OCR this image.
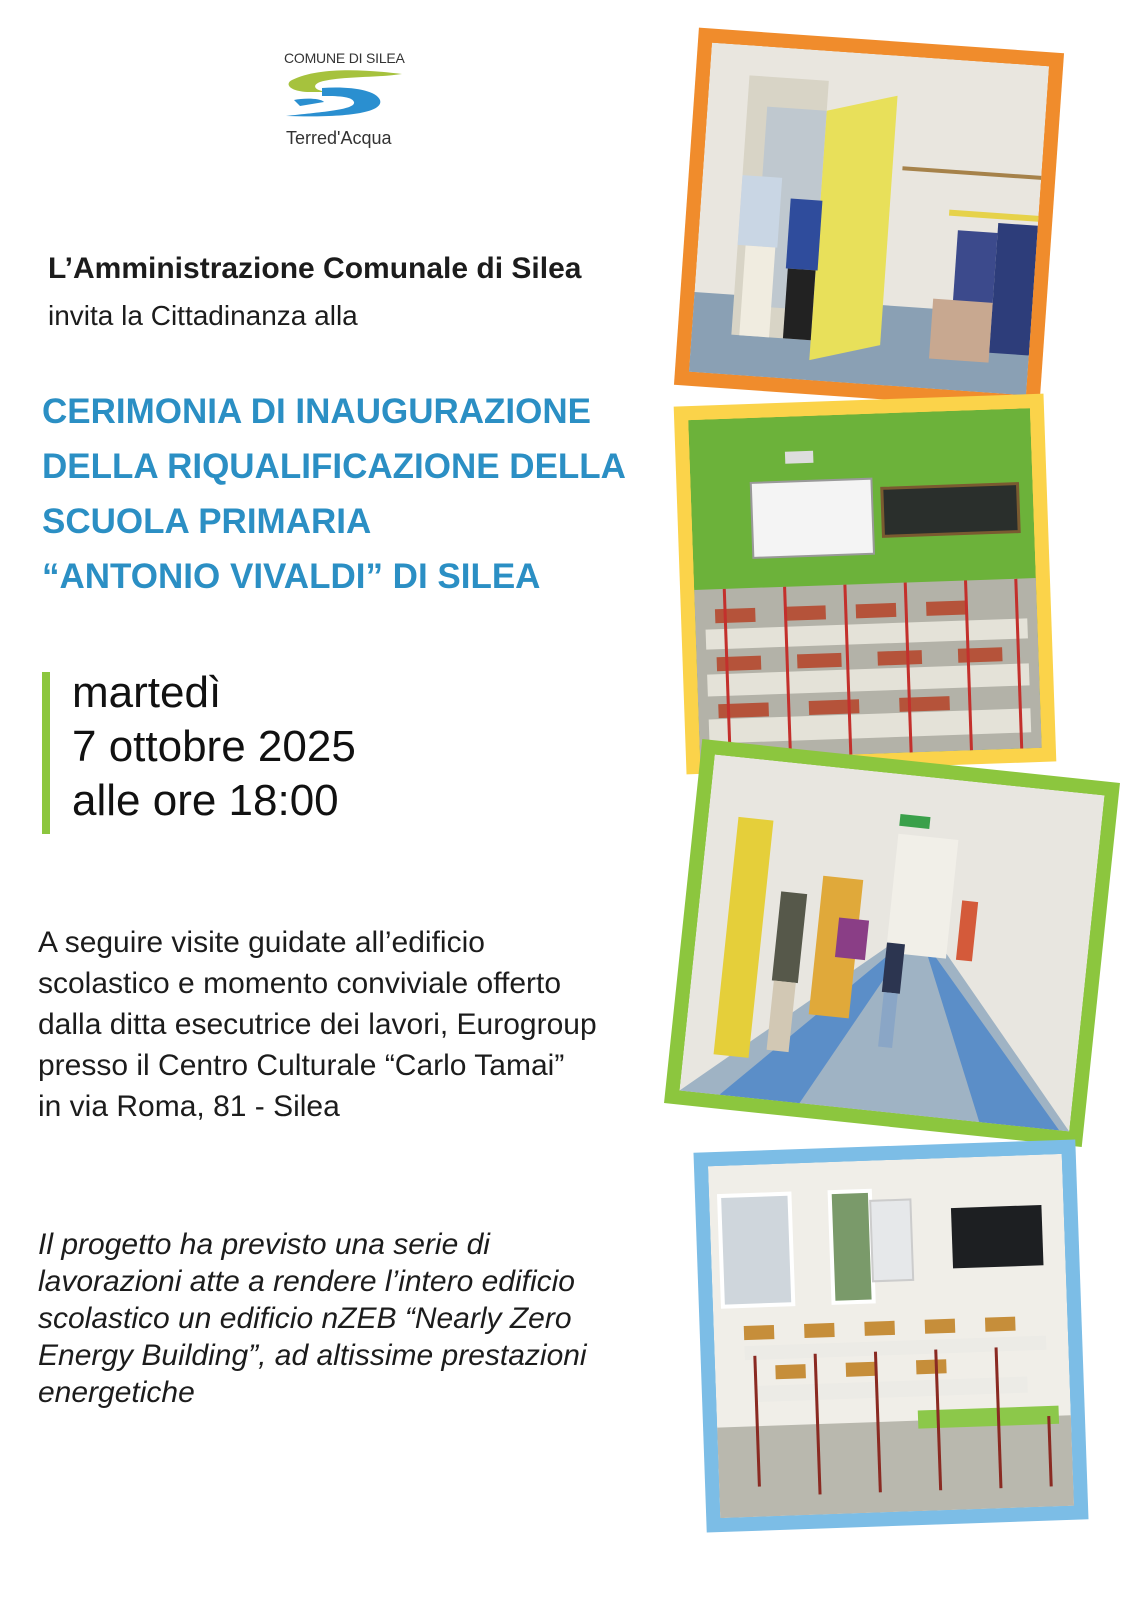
COMUNE DI SILEA
Terred'Acqua
L’Amministrazione Comunale di Silea
invita la Cittadinanza alla
CERIMONIA DI INAUGURAZIONE
DELLA RIQUALIFICAZIONE DELLA
SCUOLA PRIMARIA
“ANTONIO VIVALDI” DI SILEA
martedì
7 ottobre 2025
alle ore 18:00
A seguire visite guidate all’edificio
scolastico e momento conviviale offerto
dalla ditta esecutrice dei lavori, Eurogroup
presso il Centro Culturale “Carlo Tamai”
in via Roma, 81 - Silea
Il progetto ha previsto una serie di
lavorazioni atte a rendere l’intero edificio
scolastico un edificio nZEB “Nearly Zero
Energy Building”, ad altissime prestazioni
energetiche
